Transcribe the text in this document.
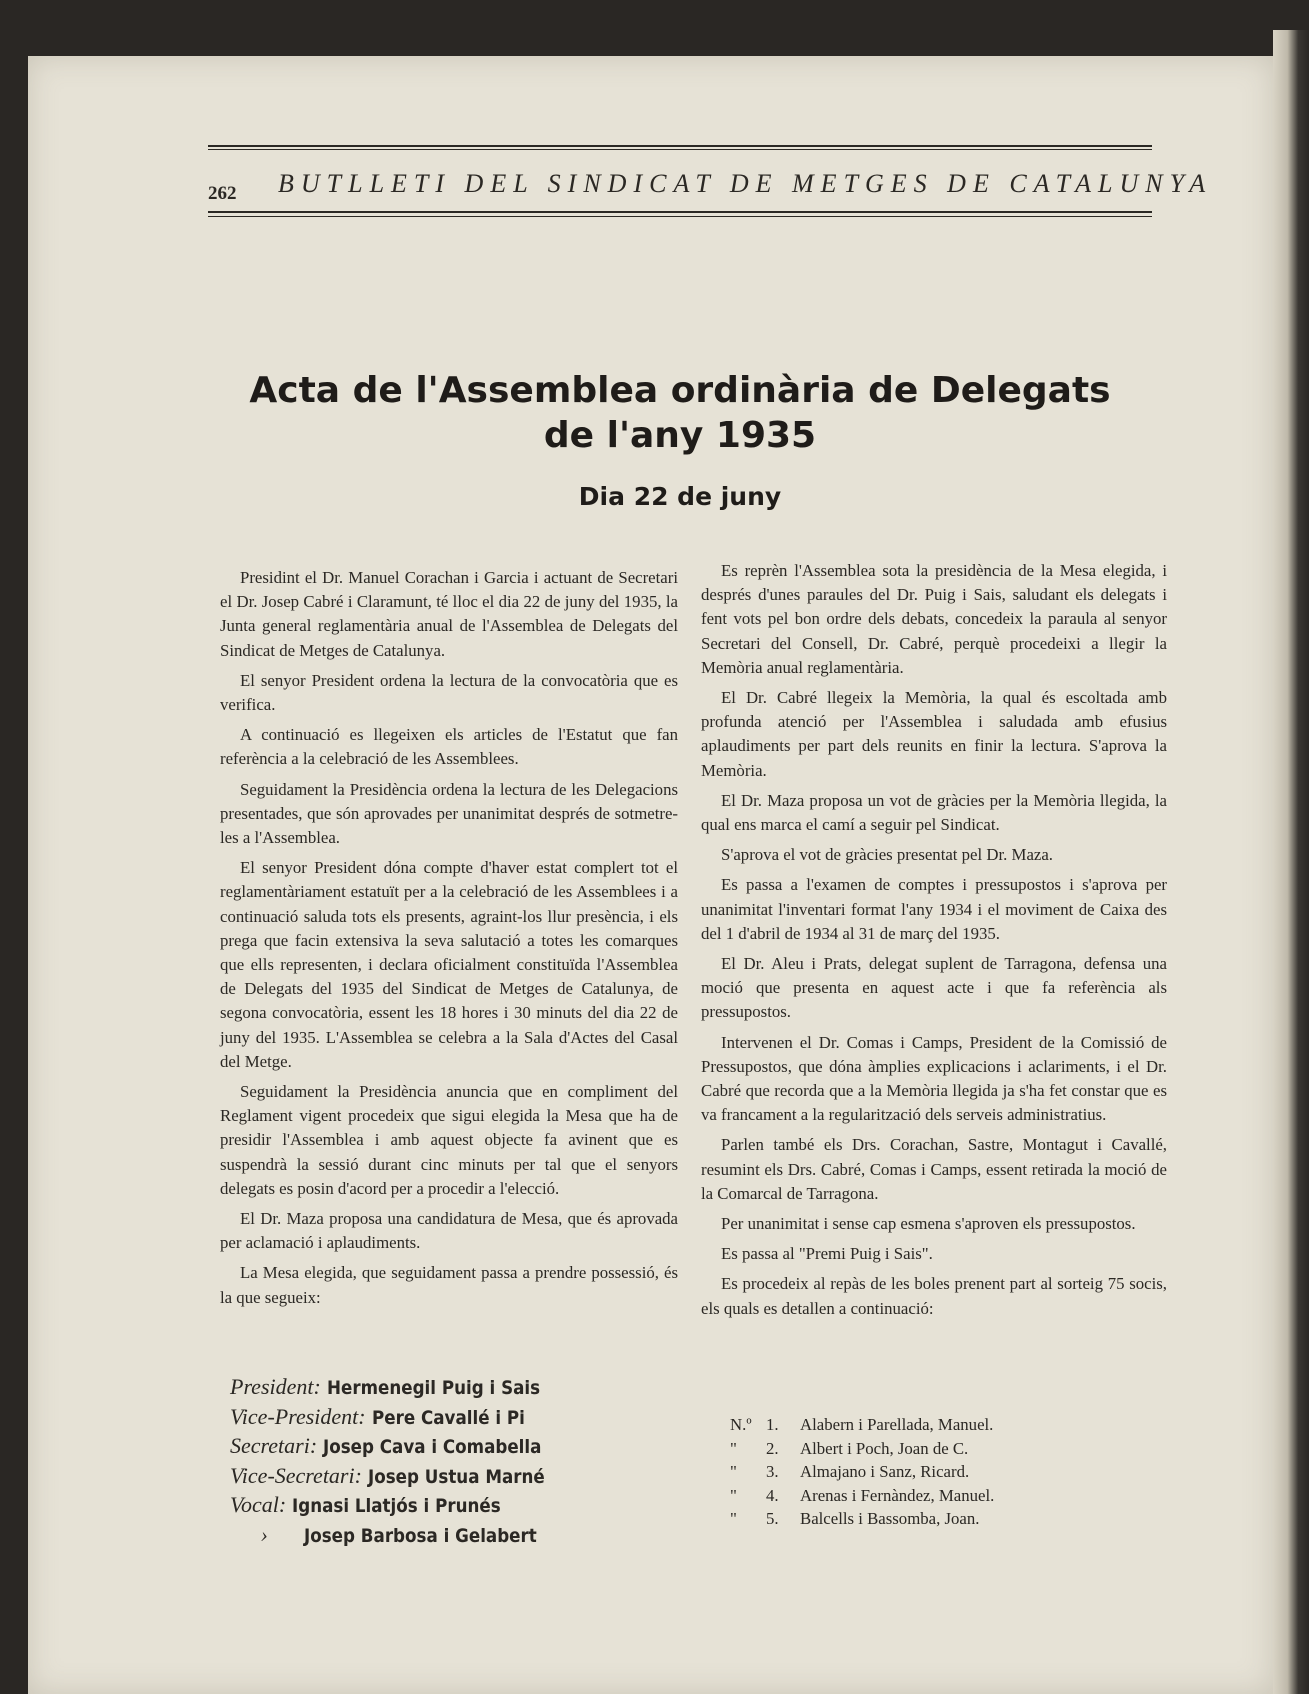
262 BUTLLETI DEL SINDICAT DE METGES DE CATALUNYA
Acta de l'Assemblea ordinària de Delegats
de l'any 1935
Dia 22 de juny

Presidint el Dr. Manuel Corachan i Garcia i actuant de Secretari el Dr. Josep Cabré i Claramunt, té lloc el dia 22 de juny del 1935, la Junta general reglamentària anual de l'Assemblea de Delegats del Sindicat de Metges de Catalunya.

El senyor President ordena la lectura de la convocatòria que es verifica.

A continuació es llegeixen els articles de l'Estatut que fan referència a la celebració de les Assemblees.

Seguidament la Presidència ordena la lectura de les Delegacions presentades, que són aprovades per unanimitat després de sotmetre-les a l'Assemblea.

El senyor President dóna compte d'haver estat complert tot el reglamentàriament estatuït per a la celebració de les Assemblees i a continuació saluda tots els presents, agraint-los llur presència, i els prega que facin extensiva la seva salutació a totes les comarques que ells representen, i declara oficialment constituïda l'Assemblea de Delegats del 1935 del Sindicat de Metges de Catalunya, de segona convocatòria, essent les 18 hores i 30 minuts del dia 22 de juny del 1935. L'Assemblea se celebra a la Sala d'Actes del Casal del Metge.

Seguidament la Presidència anuncia que en compliment del Reglament vigent procedeix que sigui elegida la Mesa que ha de presidir l'Assemblea i amb aquest objecte fa avinent que es suspendrà la sessió durant cinc minuts per tal que el senyors delegats es posin d'acord per a procedir a l'elecció.

El Dr. Maza proposa una candidatura de Mesa, que és aprovada per aclamació i aplaudiments.

La Mesa elegida, que seguidament passa a prendre possessió, és la que segueix:

President: Hermenegil Puig i Sais
Vice-President: Pere Cavallé i Pi
Secretari: Josep Cava i Comabella
Vice-Secretari: Josep Ustua Marné
Vocal: Ignasi Llatjós i Prunés
› Josep Barbosa i Gelabert

Es reprèn l'Assemblea sota la presidència de la Mesa elegida, i després d'unes paraules del Dr. Puig i Sais, saludant els delegats i fent vots pel bon ordre dels debats, concedeix la paraula al senyor Secretari del Consell, Dr. Cabré, perquè procedeixi a llegir la Memòria anual reglamentària.

El Dr. Cabré llegeix la Memòria, la qual és escoltada amb profunda atenció per l'Assemblea i saludada amb efusius aplaudiments per part dels reunits en finir la lectura. S'aprova la Memòria.

El Dr. Maza proposa un vot de gràcies per la Memòria llegida, la qual ens marca el camí a seguir pel Sindicat.

S'aprova el vot de gràcies presentat pel Dr. Maza.

Es passa a l'examen de comptes i pressupostos i s'aprova per unanimitat l'inventari format l'any 1934 i el moviment de Caixa des del 1 d'abril de 1934 al 31 de març del 1935.

El Dr. Aleu i Prats, delegat suplent de Tarragona, defensa una moció que presenta en aquest acte i que fa referència als pressupostos.

Intervenen el Dr. Comas i Camps, President de la Comissió de Pressupostos, que dóna àmplies explicacions i aclariments, i el Dr. Cabré que recorda que a la Memòria llegida ja s'ha fet constar que es va francament a la regularització dels serveis administratius.

Parlen també els Drs. Corachan, Sastre, Montagut i Cavallé, resumint els Drs. Cabré, Comas i Camps, essent retirada la moció de la Comarcal de Tarragona.

Per unanimitat i sense cap esmena s'aproven els pressupostos.

Es passa al "Premi Puig i Sais".

Es procedeix al repàs de les boles prenent part al sorteig 75 socis, els quals es detallen a continuació:

N.º 1.	Alabern i Parellada, Manuel.
"	2.	Albert i Poch, Joan de C.
"	3.	Almajano i Sanz, Ricard.
"	4.	Arenas i Fernàndez, Manuel.
"	5.	Balcells i Bassomba, Joan.
